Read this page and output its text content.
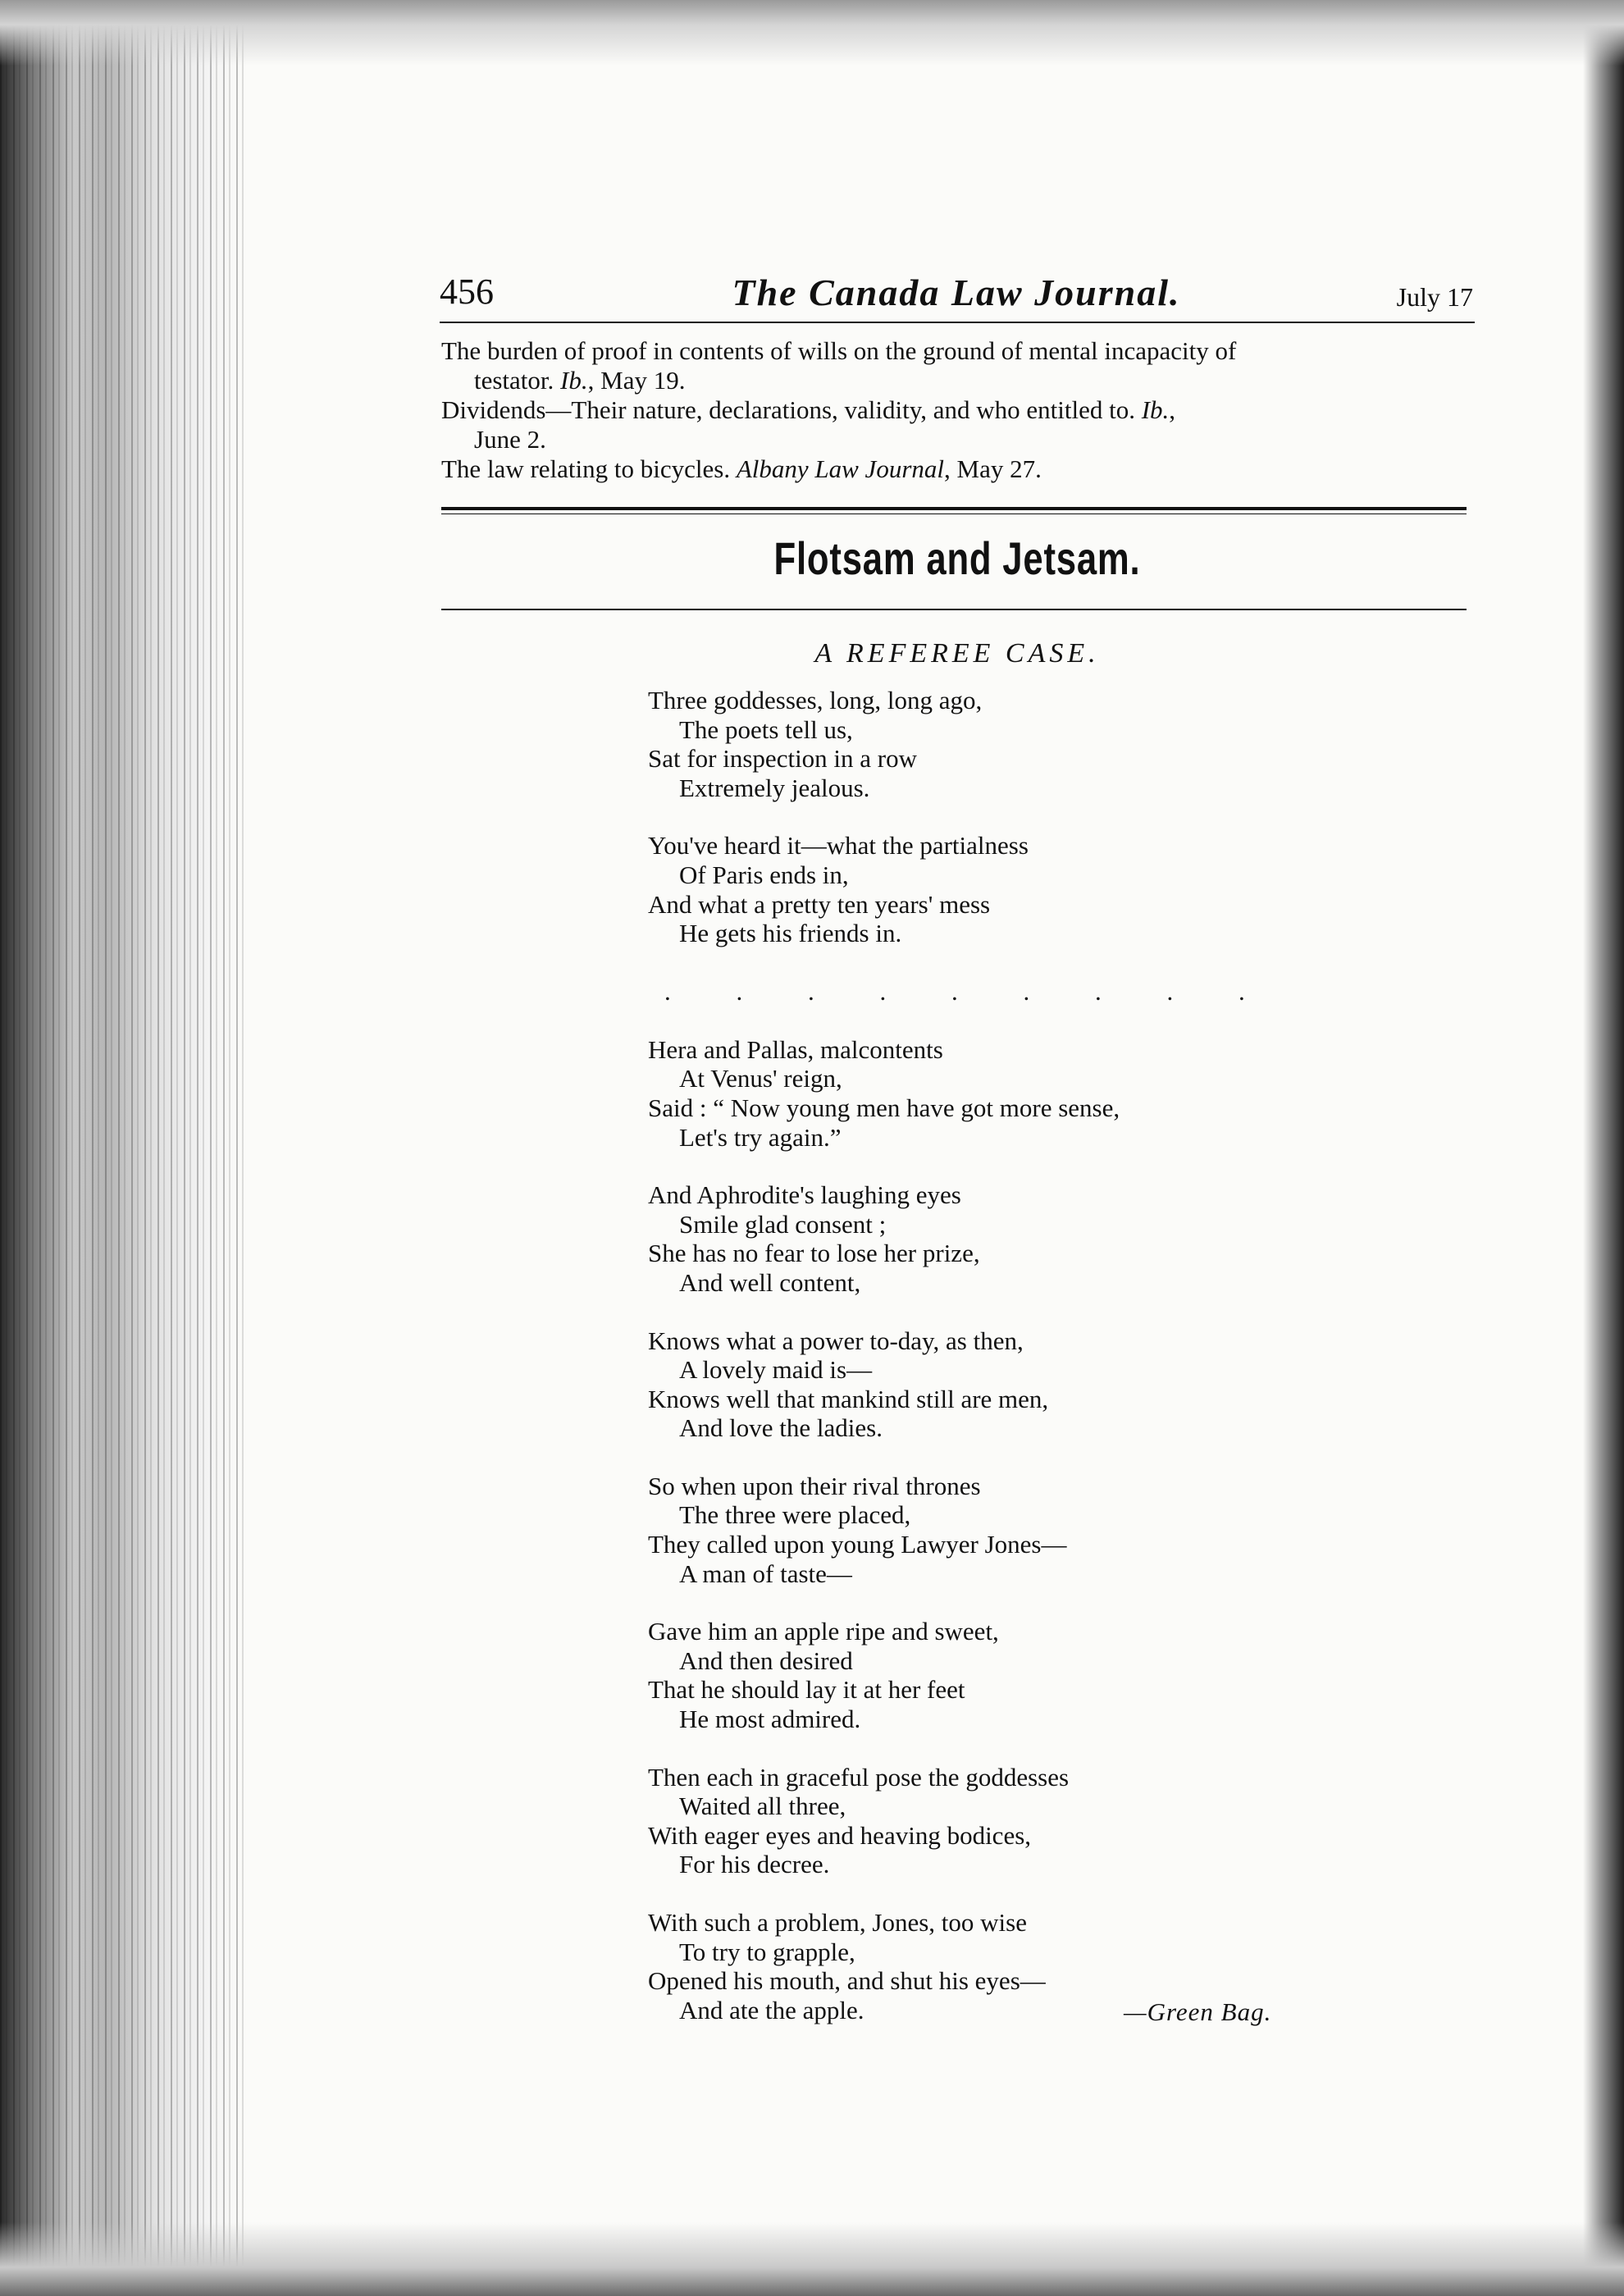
456	The Canada Law Journal.	July 17
The burden of proof in contents of wills on the ground of mental incapacity of
testator. Ib., May 19.
Dividends—Their nature, declarations, validity, and who entitled to. Ib.,
June 2.
The law relating to bicycles. Albany Law Journal, May 27.
Flotsam and Jetsam.
A REFEREE CASE.
Three goddesses, long, long ago,
The poets tell us,
Sat for inspection in a row
Extremely jealous.
You've heard it—what the partialness
Of Paris ends in,
And what a pretty ten years' mess
He gets his friends in.
. . . . . . . . .
Hera and Pallas, malcontents
At Venus' reign,
Said : “ Now young men have got more sense,
Let's try again.”
And Aphrodite's laughing eyes
Smile glad consent ;
She has no fear to lose her prize,
And well content,
Knows what a power to-day, as then,
A lovely maid is—
Knows well that mankind still are men,
And love the ladies.
So when upon their rival thrones
The three were placed,
They called upon young Lawyer Jones—
A man of taste—
Gave him an apple ripe and sweet,
And then desired
That he should lay it at her feet
He most admired.
Then each in graceful pose the goddesses
Waited all three,
With eager eyes and heaving bodices,
For his decree.
With such a problem, Jones, too wise
To try to grapple,
Opened his mouth, and shut his eyes—
And ate the apple.	—Green Bag.
